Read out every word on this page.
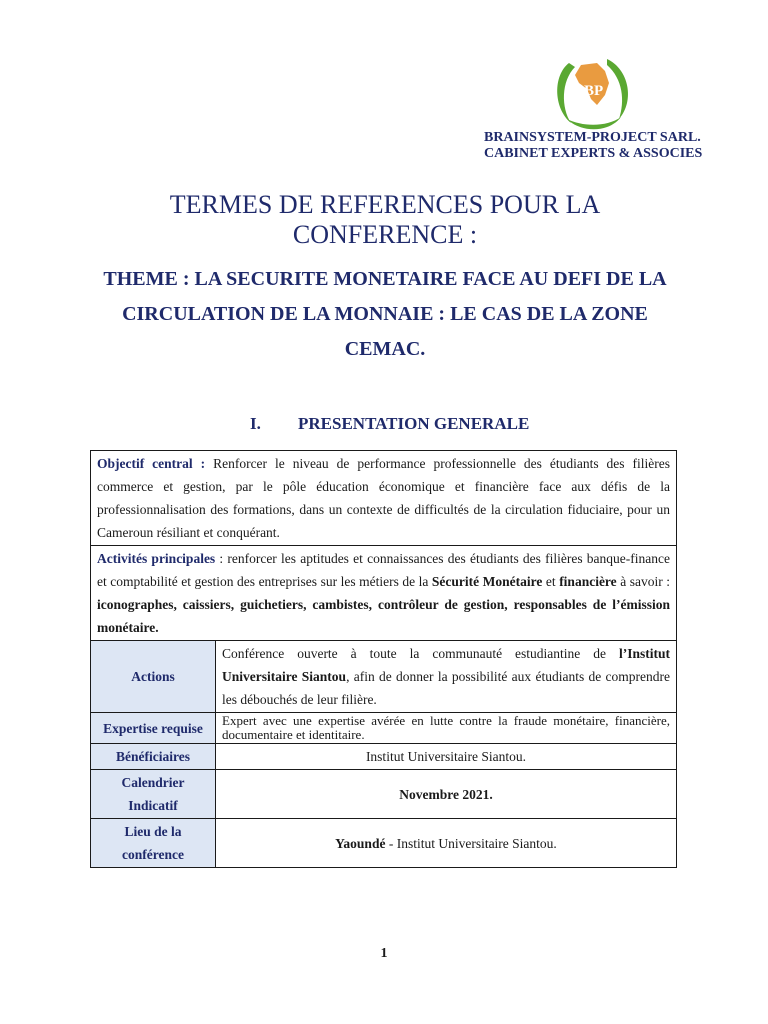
BP
BRAINSYSTEM-PROJECT SARL.
CABINET EXPERTS & ASSOCIES
TERMES DE REFERENCES POUR LA
CONFERENCE :
THEME : LA SECURITE MONETAIRE FACE AU DEFI DE LA
CIRCULATION DE LA MONNAIE : LE CAS DE LA ZONE
CEMAC.
I. PRESENTATION GENERALE
Objectif central : Renforcer le niveau de performance professionnelle des étudiants des filières commerce et gestion, par le pôle éducation économique et financière face aux défis de la professionnalisation des formations, dans un contexte de difficultés de la circulation fiduciaire, pour un Cameroun résiliant et conquérant.	
Activités principales : renforcer les aptitudes et connaissances des étudiants des filières banque-finance et comptabilité et gestion des entreprises sur les métiers de la Sécurité Monétaire et financière à savoir : iconographes, caissiers, guichetiers, cambistes, contrôleur de gestion, responsables de l’émission monétaire.	
Actions	Conférence ouverte à toute la communauté estudiantine de l’Institut Universitaire Siantou, afin de donner la possibilité aux étudiants de comprendre les débouchés de leur filière.
Expertise requise	Expert avec une expertise avérée en lutte contre la fraude monétaire, financière, documentaire et identitaire.
Bénéficiaires	Institut Universitaire Siantou.

Calendrier
Indicatif	Novembre 2021.

Lieu de la
conférence	Yaoundé - Institut Universitaire Siantou.
1
